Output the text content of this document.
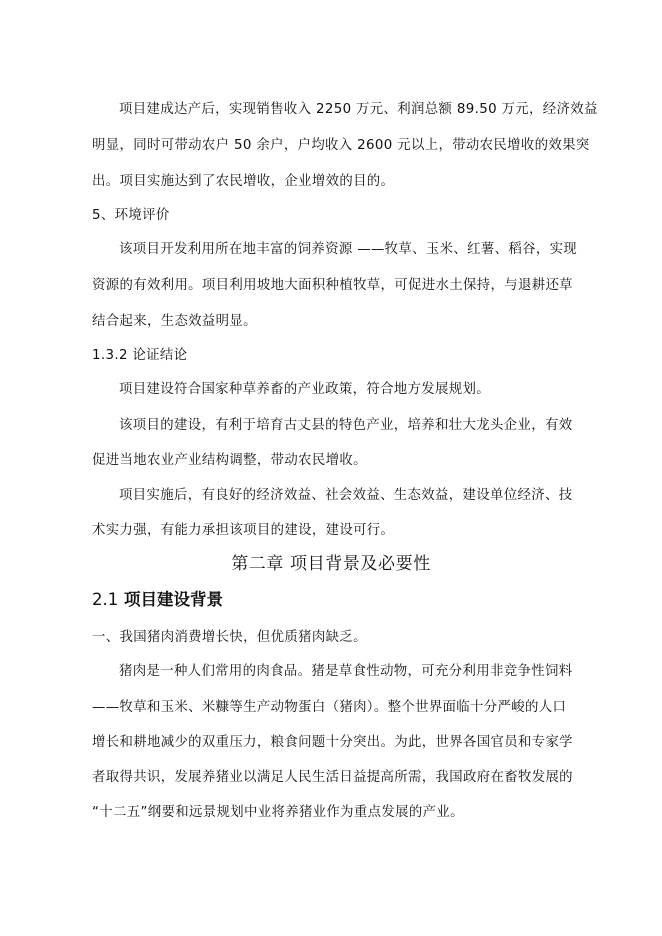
项目建成达产后，实现销售收入 2250 万元、利润总额 89.50 万元，经济效益
明显，同时可带动农户 50 余户，户均收入 2600 元以上，带动农民增收的效果突
出。项目实施达到了农民增收，企业增效的目的。
5、环境评价
该项目开发利用所在地丰富的饲养资源 ——牧草、玉米、红薯、稻谷，实现
资源的有效利用。项目利用坡地大面积种植牧草，可促进水土保持，与退耕还草
结合起来，生态效益明显。
1.3.2 论证结论
项目建设符合国家种草养畜的产业政策，符合地方发展规划。
该项目的建设，有利于培育古丈县的特色产业，培养和壮大龙头企业，有效
促进当地农业产业结构调整，带动农民增收。
项目实施后，有良好的经济效益、社会效益、生态效益，建设单位经济、技
术实力强，有能力承担该项目的建设，建设可行。
第二章 项目背景及必要性
2.1 项目建设背景
一、我国猪肉消费增长快，但优质猪肉缺乏。
猪肉是一种人们常用的肉食品。猪是草食性动物，可充分利用非竞争性饲料
——牧草和玉米、米糠等生产动物蛋白（猪肉）。整个世界面临十分严峻的人口
增长和耕地减少的双重压力，粮食问题十分突出。为此，世界各国官员和专家学
者取得共识，发展养猪业以满足人民生活日益提高所需，我国政府在畜牧发展的
“十二五”纲要和远景规划中业将养猪业作为重点发展的产业。
